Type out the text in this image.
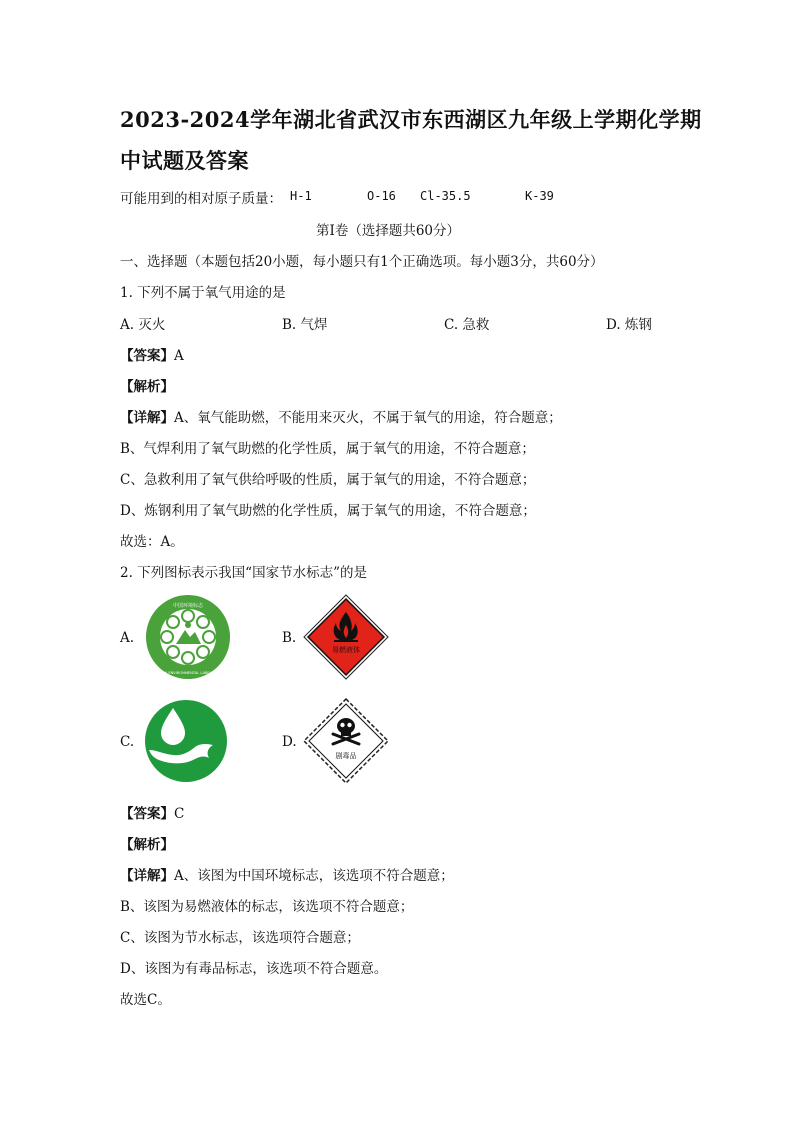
2023-2024学年湖北省武汉市东西湖区九年级上学期化学期
中试题及答案
可能用到的相对原子质量： H-1	O-16 Cl-35.5	K-39
第I卷（选择题共60分）
一、选择题（本题包括20小题，每小题只有1个正确选项。每小题3分，共60分）
1. 下列不属于氧气用途的是
A. 灭火	B. 气焊	C. 急救	D. 炼钢
【答案】A
【解析】
【详解】A、氧气能助燃，不能用来灭火，不属于氧气的用途，符合题意；
B、气焊利用了氧气助燃的化学性质，属于氧气的用途，不符合题意；
C、急救利用了氧气供给呼吸的性质，属于氧气的用途，不符合题意；
D、炼钢利用了氧气助燃的化学性质，属于氧气的用途，不符合题意；
故选：A。
2. 下列图标表示我国“国家节水标志”的是
A.
中国环境标志
CHINA ENVIRONMENTAL LABELLING
B.
易燃液体
C.	D.
剧毒品
【答案】C
【解析】
【详解】A、该图为中国环境标志，该选项不符合题意；
B、该图为易燃液体的标志，该选项不符合题意；
C、该图为节水标志，该选项符合题意；
D、该图为有毒品标志，该选项不符合题意。
故选C。
